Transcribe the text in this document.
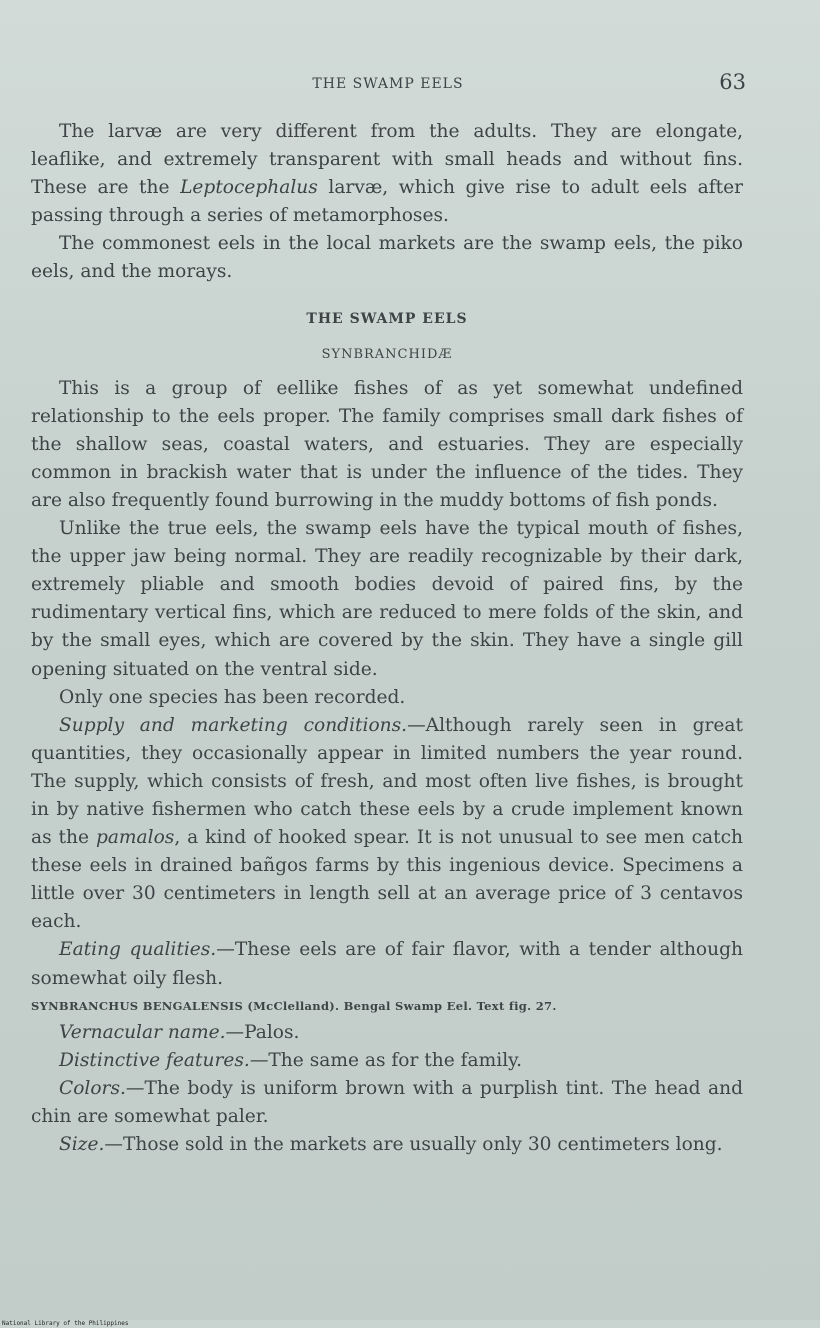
THE SWAMP EELS	63

The larvæ are very different from the adults. They are elongate, leaflike, and extremely transparent with small heads and without fins. These are the Leptocephalus larvæ, which give rise to adult eels after passing through a series of metamorphoses.

The commonest eels in the local markets are the swamp eels, the piko eels, and the morays.

THE SWAMP EELS
SYNBRANCHIDÆ

This is a group of eellike fishes of as yet somewhat undefined relationship to the eels proper. The family comprises small dark fishes of the shallow seas, coastal waters, and estuaries. They are especially common in brackish water that is under the influence of the tides. They are also frequently found burrowing in the muddy bottoms of fish ponds.

Unlike the true eels, the swamp eels have the typical mouth of fishes, the upper jaw being normal. They are readily recognizable by their dark, extremely pliable and smooth bodies devoid of paired fins, by the rudimentary vertical fins, which are reduced to mere folds of the skin, and by the small eyes, which are covered by the skin. They have a single gill opening situated on the ventral side.

Only one species has been recorded.

Supply and marketing conditions.—Although rarely seen in great quantities, they occasionally appear in limited numbers the year round. The supply, which consists of fresh, and most often live fishes, is brought in by native fishermen who catch these eels by a crude implement known as the pamalos, a kind of hooked spear. It is not unusual to see men catch these eels in drained bañgos farms by this ingenious device. Specimens a little over 30 centimeters in length sell at an average price of 3 centavos each.

Eating qualities.—These eels are of fair flavor, with a tender although somewhat oily flesh.

SYNBRANCHUS BENGALENSIS (McClelland). Bengal Swamp Eel. Text fig. 27.

Vernacular name.—Palos.

Distinctive features.—The same as for the family.

Colors.—The body is uniform brown with a purplish tint. The head and chin are somewhat paler.

Size.—Those sold in the markets are usually only 30 centimeters long.

National Library of the Philippines
